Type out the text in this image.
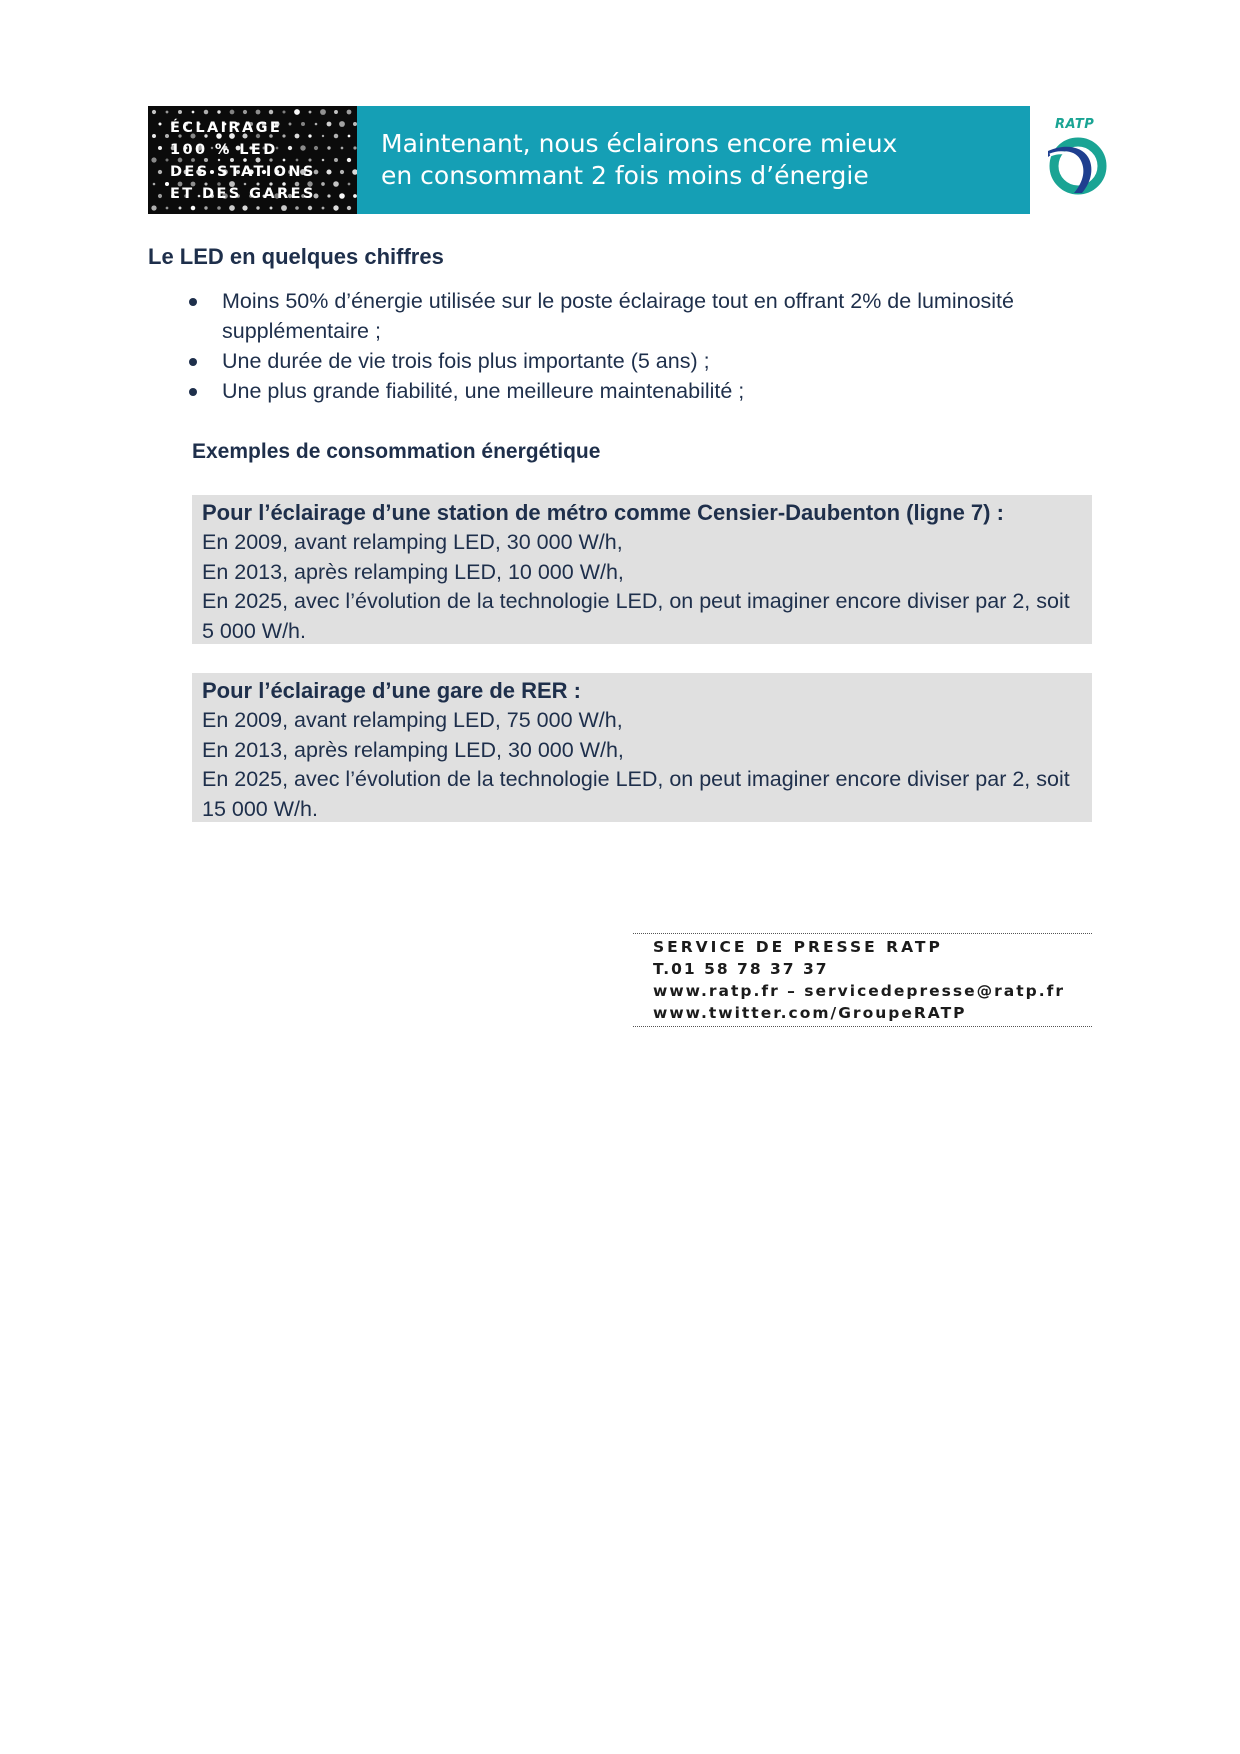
ÉCLAIRAGE
100 % LED
DES STATIONS
ET DES GARES
Maintenant, nous éclairons encore mieux
en consommant 2 fois moins d’énergie
RATP
Le LED en quelques chiffres
Moins 50% d’énergie utilisée sur le poste éclairage tout en offrant 2% de luminosité supplémentaire ;
Une durée de vie trois fois plus importante (5 ans) ;
Une plus grande fiabilité, une meilleure maintenabilité ;
Exemples de consommation énergétique
Pour l’éclairage d’une station de métro comme Censier-Daubenton (ligne 7) :
En 2009, avant relamping LED, 30 000 W/h,
En 2013, après relamping LED, 10 000 W/h,
En 2025, avec l’évolution de la technologie LED, on peut imaginer encore diviser par 2, soit 5 000 W/h.
Pour l’éclairage d’une gare de RER :
En 2009, avant relamping LED, 75 000 W/h,
En 2013, après relamping LED, 30 000 W/h,
En 2025, avec l’évolution de la technologie LED, on peut imaginer encore diviser par 2, soit 15 000 W/h.
SERVICE DE PRESSE RATP
T.01 58 78 37 37
www.ratp.fr – servicedepresse@ratp.fr
www.twitter.com/GroupeRATP
